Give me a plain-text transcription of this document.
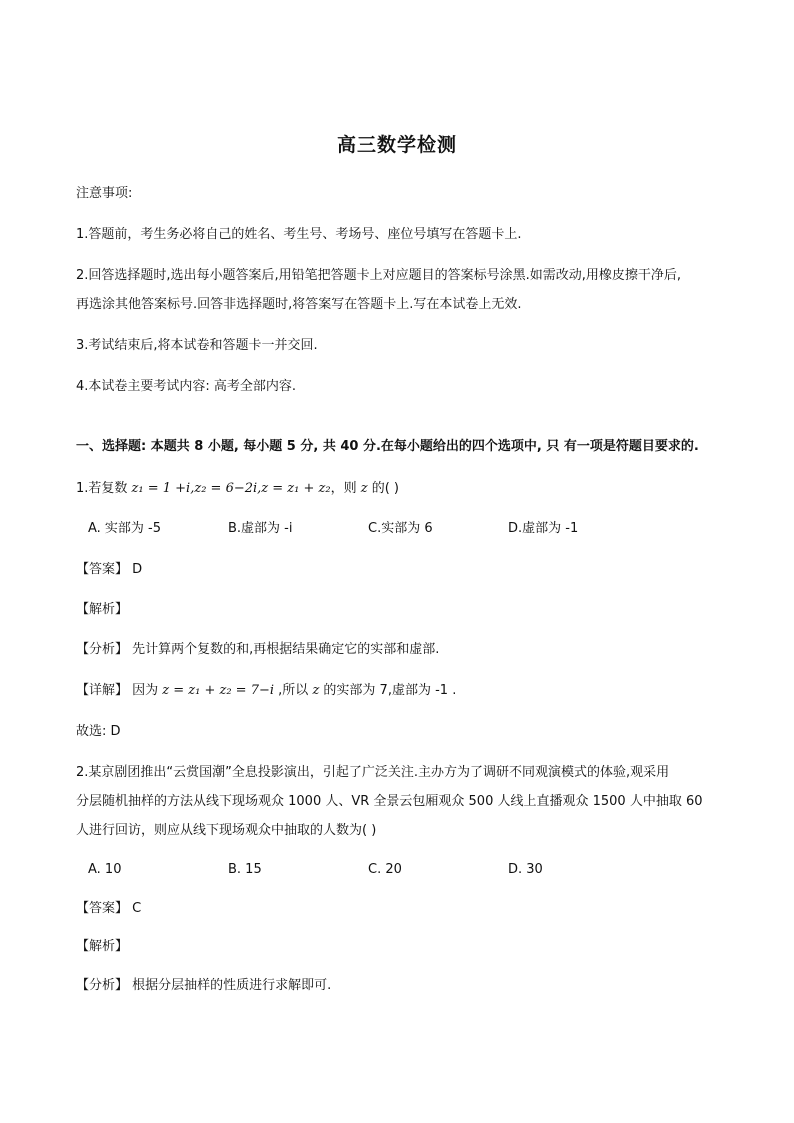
高三数学检测
注意事项:
1.答题前，考生务必将自己的姓名、考生号、考场号、座位号填写在答题卡上.
2.回答选择题时,选出每小题答案后,用铅笔把答题卡上对应题目的答案标号涂黑.如需改动,用橡皮擦干净后,
再选涂其他答案标号.回答非选择题时,将答案写在答题卡上.写在本试卷上无效.
3.考试结束后,将本试卷和答题卡一并交回.
4.本试卷主要考试内容: 高考全部内容.
一、选择题: 本题共 8 小题, 每小题 5 分, 共 40 分.在每小题给出的四个选项中, 只 有一项是符题目要求的.
1.若复数 z₁ = 1 +i,z₂ = 6−2i,z = z₁ + z₂，则 z 的( )
A. 实部为 -5	B.虚部为 -i	C.实部为 6	D.虚部为 -1
【答案】 D
【解析】
【分析】 先计算两个复数的和,再根据结果确定它的实部和虚部.
【详解】 因为 z = z₁ + z₂ = 7−i ,所以 z 的实部为 7,虚部为 -1 .
故选: D
2.某京剧团推出“云赏国潮”全息投影演出，引起了广泛关注.主办方为了调研不同观演模式的体验,观采用
分层随机抽样的方法从线下现场观众 1000 人、VR 全景云包厢观众 500 人线上直播观众 1500 人中抽取 60
人进行回访，则应从线下现场观众中抽取的人数为( )
A. 10	B. 15	C. 20	D. 30
【答案】 C
【解析】
【分析】 根据分层抽样的性质进行求解即可.
